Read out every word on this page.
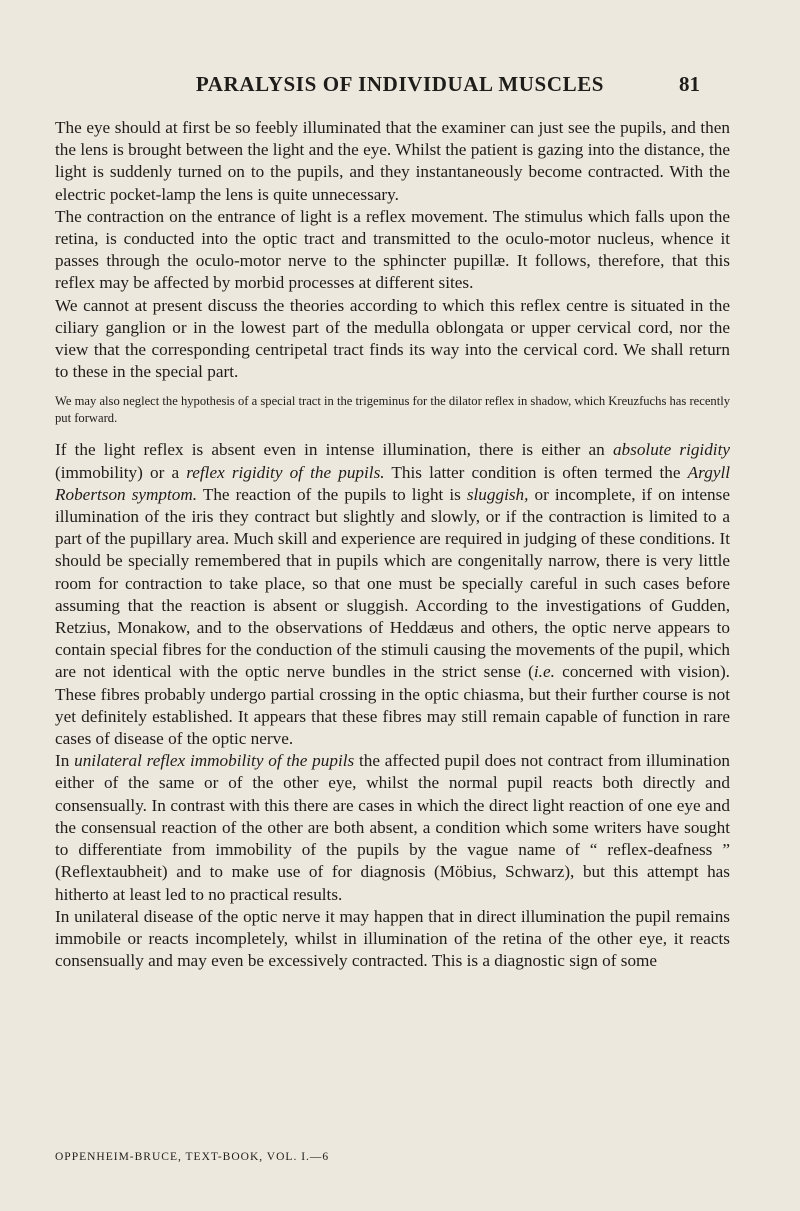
PARALYSIS OF INDIVIDUAL MUSCLES	81

The eye should at first be so feebly illuminated that the examiner can just see the pupils, and then the lens is brought between the light and the eye. Whilst the patient is gazing into the distance, the light is suddenly turned on to the pupils, and they instantaneously become contracted. With the electric pocket-lamp the lens is quite unnecessary.

The contraction on the entrance of light is a reflex movement. The stimulus which falls upon the retina, is conducted into the optic tract and transmitted to the oculo-motor nucleus, whence it passes through the oculo-motor nerve to the sphincter pupillæ. It follows, therefore, that this reflex may be affected by morbid processes at different sites.

We cannot at present discuss the theories according to which this reflex centre is situated in the ciliary ganglion or in the lowest part of the medulla oblongata or upper cervical cord, nor the view that the corresponding centripetal tract finds its way into the cervical cord. We shall return to these in the special part.

We may also neglect the hypothesis of a special tract in the trigeminus for the dilator reflex in shadow, which Kreuzfuchs has recently put forward.

If the light reflex is absent even in intense illumination, there is either an absolute rigidity (immobility) or a reflex rigidity of the pupils. This latter condition is often termed the Argyll Robertson symptom. The reaction of the pupils to light is sluggish, or incomplete, if on intense illumination of the iris they contract but slightly and slowly, or if the contraction is limited to a part of the pupillary area. Much skill and experience are required in judging of these conditions. It should be specially remembered that in pupils which are congenitally narrow, there is very little room for contraction to take place, so that one must be specially careful in such cases before assuming that the reaction is absent or sluggish. According to the investigations of Gudden, Retzius, Monakow, and to the observations of Heddæus and others, the optic nerve appears to contain special fibres for the conduction of the stimuli causing the movements of the pupil, which are not identical with the optic nerve bundles in the strict sense (i.e. concerned with vision). These fibres probably undergo partial crossing in the optic chiasma, but their further course is not yet definitely established. It appears that these fibres may still remain capable of function in rare cases of disease of the optic nerve.

In unilateral reflex immobility of the pupils the affected pupil does not contract from illumination either of the same or of the other eye, whilst the normal pupil reacts both directly and consensually. In contrast with this there are cases in which the direct light reaction of one eye and the consensual reaction of the other are both absent, a condition which some writers have sought to differentiate from immobility of the pupils by the vague name of “ reflex-deafness ” (Reflextaubheit) and to make use of for diagnosis (Möbius, Schwarz), but this attempt has hitherto at least led to no practical results.

In unilateral disease of the optic nerve it may happen that in direct illumination the pupil remains immobile or reacts incompletely, whilst in illumination of the retina of the other eye, it reacts consensually and may even be excessively contracted. This is a diagnostic sign of some

OPPENHEIM-BRUCE, TEXT-BOOK, VOL. I.—6
